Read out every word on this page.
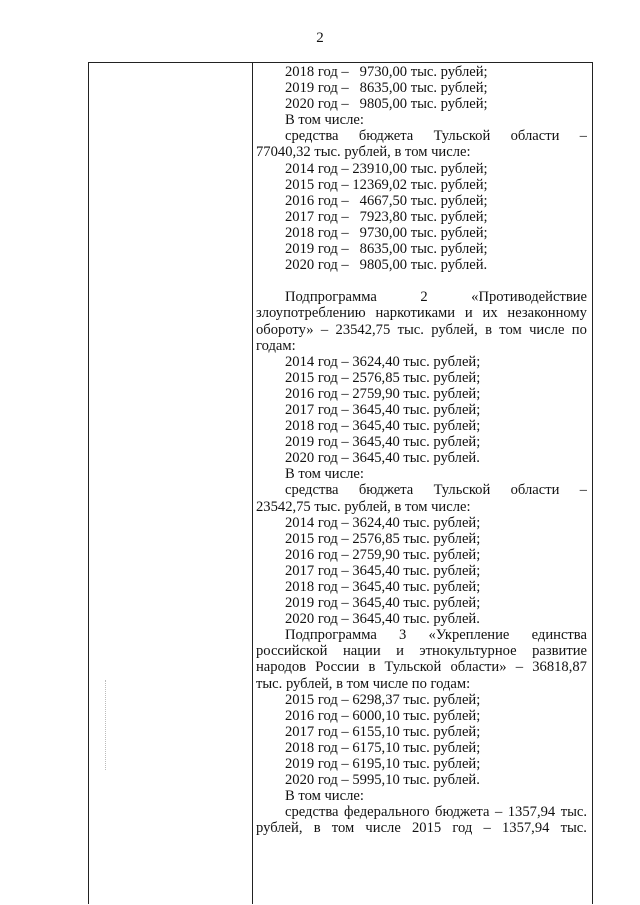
2
2018 год –   9730,00 тыс. рублей;
2019 год –   8635,00 тыс. рублей;
2020 год –   9805,00 тыс. рублей;
В том числе:
средства бюджета Тульской области –
77040,32 тыс. рублей, в том числе:
2014 год – 23910,00 тыс. рублей;
2015 год – 12369,02 тыс. рублей;
2016 год –   4667,50 тыс. рублей;
2017 год –   7923,80 тыс. рублей;
2018 год –   9730,00 тыс. рублей;
2019 год –   8635,00 тыс. рублей;
2020 год –   9805,00 тыс. рублей.
Подпрограмма	2	«Противодействие
злоупотреблению наркотиками и их незаконному
обороту» – 23542,75 тыс. рублей, в том числе по
годам:
2014 год – 3624,40 тыс. рублей;
2015 год – 2576,85 тыс. рублей;
2016 год – 2759,90 тыс. рублей;
2017 год – 3645,40 тыс. рублей;
2018 год – 3645,40 тыс. рублей;
2019 год – 3645,40 тыс. рублей;
2020 год – 3645,40 тыс. рублей.
В том числе:
средства бюджета Тульской области –
23542,75 тыс. рублей, в том числе:
2014 год – 3624,40 тыс. рублей;
2015 год – 2576,85 тыс. рублей;
2016 год – 2759,90 тыс. рублей;
2017 год – 3645,40 тыс. рублей;
2018 год – 3645,40 тыс. рублей;
2019 год – 3645,40 тыс. рублей;
2020 год – 3645,40 тыс. рублей.
Подпрограмма 3 «Укрепление единства
российской нации и этнокультурное развитие
народов России в Тульской области» – 36818,87
тыс. рублей, в том числе по годам:
2015 год – 6298,37 тыс. рублей;
2016 год – 6000,10 тыс. рублей;
2017 год – 6155,10 тыс. рублей;
2018 год – 6175,10 тыс. рублей;
2019 год – 6195,10 тыс. рублей;
2020 год – 5995,10 тыс. рублей.
В том числе:
средства федерального бюджета – 1357,94 тыс.
рублей, в том числе 2015 год – 1357,94 тыс.
